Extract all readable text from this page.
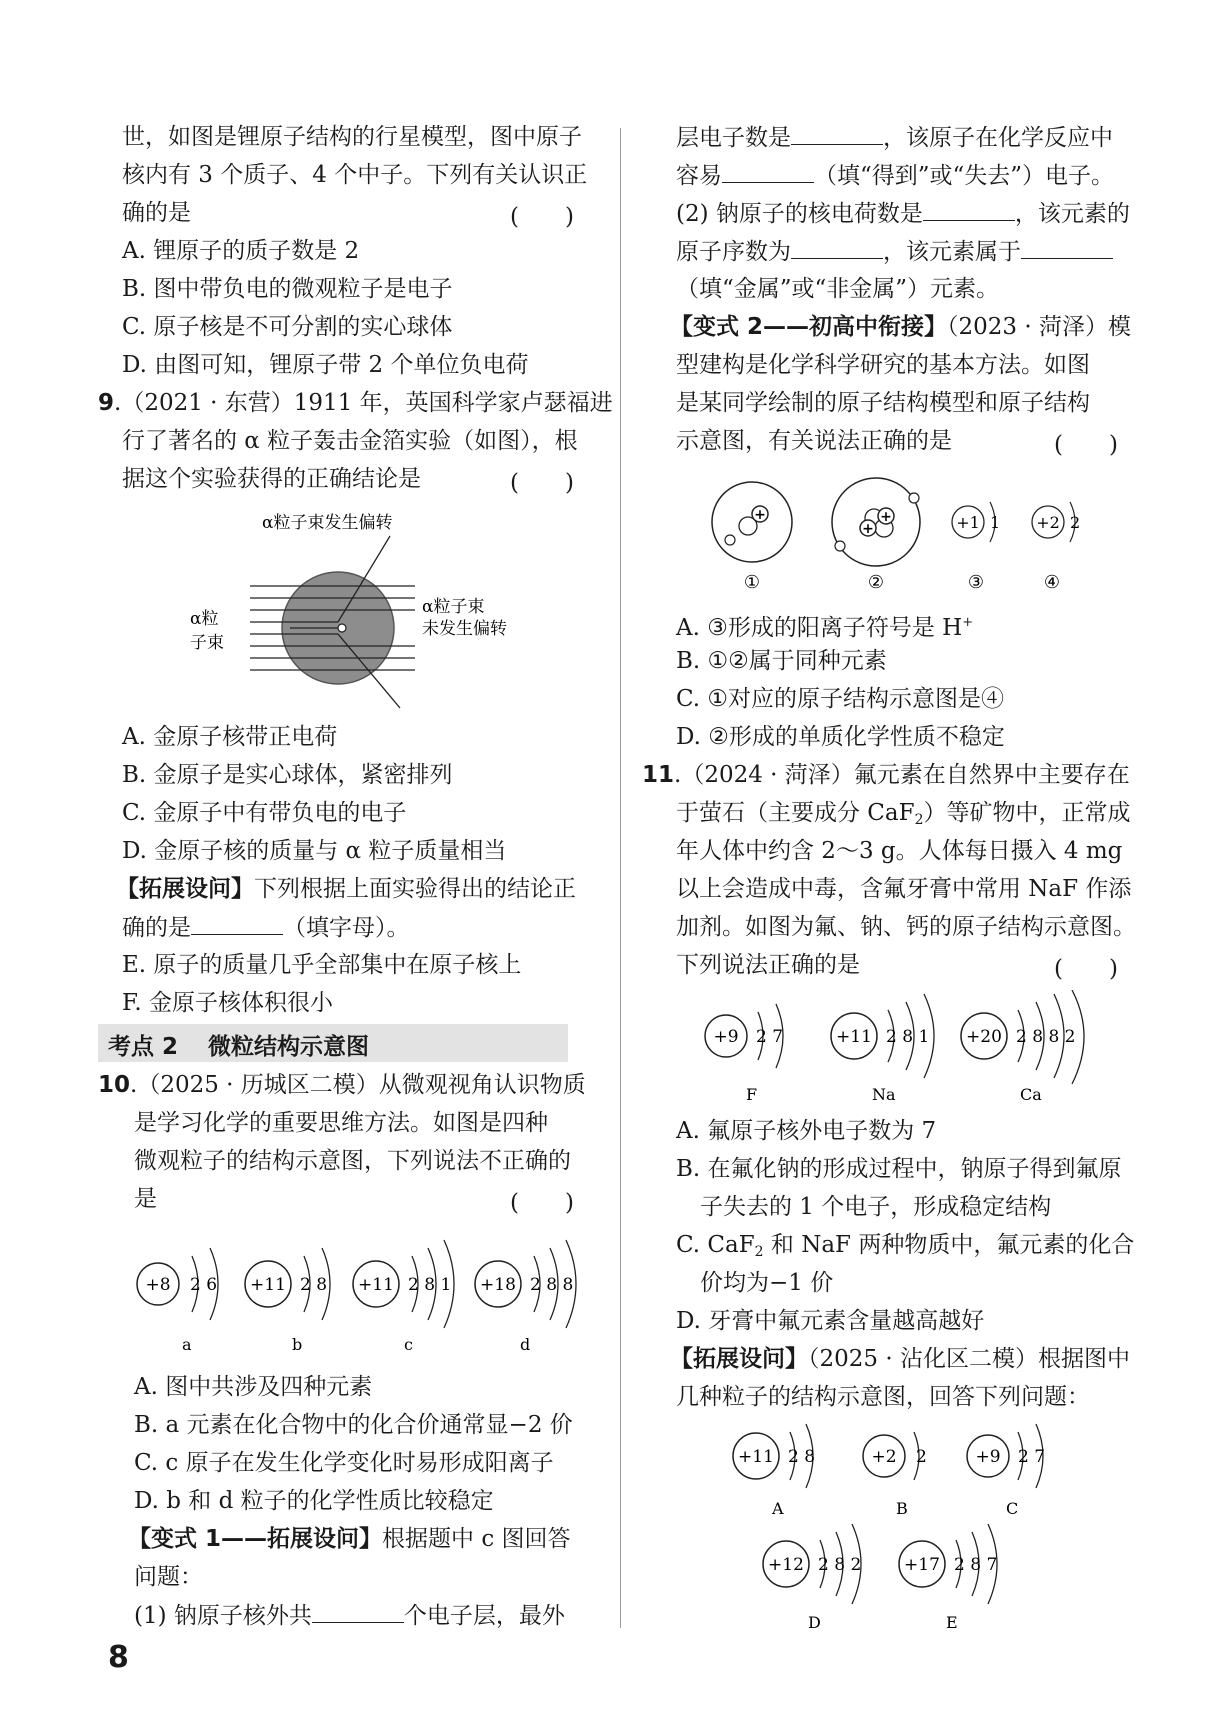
世，如图是锂原子结构的行星模型，图中原子
核内有 3 个质子、4 个中子。下列有关认识正
确的是	(　　)
A. 锂原子的质子数是 2
B. 图中带负电的微观粒子是电子
C. 原子核是不可分割的实心球体
D. 由图可知，锂原子带 2 个单位负电荷
9.（2021 · 东营）1911 年，英国科学家卢瑟福进
行了著名的 α 粒子轰击金箔实验（如图），根
据这个实验获得的正确结论是	(　　)
α粒子束发生偏转
α粒
子束
α粒子束
未发生偏转
A. 金原子核带正电荷
B. 金原子是实心球体，紧密排列
C. 金原子中有带负电的电子
D. 金原子核的质量与 α 粒子质量相当
【拓展设问】下列根据上面实验得出的结论正
确的是	（填字母）。
E. 原子的质量几乎全部集中在原子核上
F. 金原子核体积很小
考点 2 微粒结构示意图
10.（2025 · 历城区二模）从微观视角认识物质
是学习化学的重要思维方法。如图是四种
微观粒子的结构示意图，下列说法不正确的
是	(　　)
+8 2 6
a
+11 2 8
b
+11 2 8 1
c
+18 2 8 8
d
A. 图中共涉及四种元素
B. a 元素在化合物中的化合价通常显−2 价
C. c 原子在发生化学变化时易形成阳离子
D. b 和 d 粒子的化学性质比较稳定
【变式 1——拓展设问】根据题中 c 图回答
问题：
(1) 钠原子核外共	个电子层，最外
层电子数是	，该原子在化学反应中
容易	（填“得到”或“失去”）电子。
(2) 钠原子的核电荷数是	，该元素的
原子序数为	，该元素属于
（填“金属”或“非金属”）元素。
【变式 2——初高中衔接】（2023 · 菏泽）模
型建构是化学科学研究的基本方法。如图
是某同学绘制的原子结构模型和原子结构
示意图，有关说法正确的是	(　　)
+
①
+
+
②
+1 1
③
+2 2
④
A. ③形成的阳离子符号是 H+
B. ①②属于同种元素
C. ①对应的原子结构示意图是④
D. ②形成的单质化学性质不稳定
11.（2024 · 菏泽）氟元素在自然界中主要存在
于萤石（主要成分 CaF$_2$）等矿物中，正常成
年人体中约含 2～3 g。人体每日摄入 4 mg
以上会造成中毒，含氟牙膏中常用 NaF 作添
加剂。如图为氟、钠、钙的原子结构示意图。
下列说法正确的是	(　　)
+9 2 7
F
+11 2 8 1
Na
+20 2 8 8 2
Ca
A. 氟原子核外电子数为 7
B. 在氟化钠的形成过程中，钠原子得到氟原
子失去的 1 个电子，形成稳定结构
C. CaF$_2$ 和 NaF 两种物质中，氟元素的化合
价均为−1 价
D. 牙膏中氟元素含量越高越好
【拓展设问】（2025 · 沾化区二模）根据图中
几种粒子的结构示意图，回答下列问题：
+11 2 8
A
+2 2
B
+9 2 7
C
+12 2 8 2
D
+17 2 8 7
E
8
